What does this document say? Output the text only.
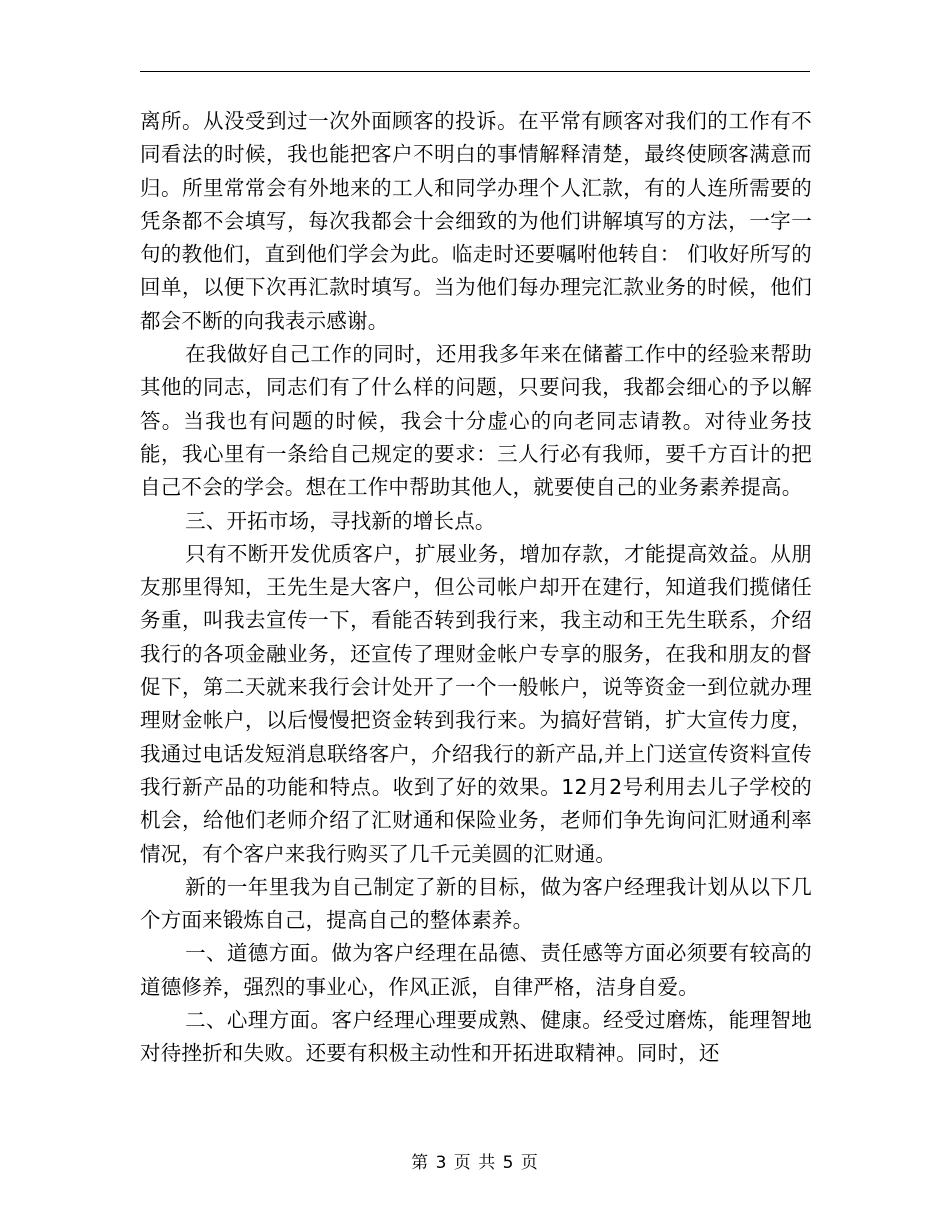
离所。从没受到过一次外面顾客的投诉。在平常有顾客对我们的工作有不同看法的时候，我也能把客户不明白的事情解释清楚，最终使顾客满意而归。所里常常会有外地来的工人和同学办理个人汇款，有的人连所需要的凭条都不会填写，每次我都会十会细致的为他们讲解填写的方法，一字一句的教他们，直到他们学会为此。临走时还要嘱咐他转自： 们收好所写的回单，以便下次再汇款时填写。当为他们每办理完汇款业务的时候，他们都会不断的向我表示感谢。

在我做好自己工作的同时，还用我多年来在储蓄工作中的经验来帮助其他的同志，同志们有了什么样的问题，只要问我，我都会细心的予以解答。当我也有问题的时候，我会十分虚心的向老同志请教。对待业务技能，我心里有一条给自己规定的要求：三人行必有我师，要千方百计的把自己不会的学会。想在工作中帮助其他人，就要使自己的业务素养提高。

三、开拓市场，寻找新的增长点。

只有不断开发优质客户，扩展业务，增加存款，才能提高效益。从朋友那里得知，王先生是大客户，但公司帐户却开在建行，知道我们揽储任务重，叫我去宣传一下，看能否转到我行来，我主动和王先生联系，介绍我行的各项金融业务，还宣传了理财金帐户专享的服务，在我和朋友的督促下，第二天就来我行会计处开了一个一般帐户，说等资金一到位就办理理财金帐户，以后慢慢把资金转到我行来。为搞好营销，扩大宣传力度，我通过电话发短消息联络客户，介绍我行的新产品,并上门送宣传资料宣传我行新产品的功能和特点。收到了好的效果。12月2号利用去儿子学校的机会，给他们老师介绍了汇财通和保险业务，老师们争先询问汇财通利率情况，有个客户来我行购买了几千元美圆的汇财通。

新的一年里我为自己制定了新的目标，做为客户经理我计划从以下几个方面来锻炼自己，提高自己的整体素养。

一、道德方面。做为客户经理在品德、责任感等方面必须要有较高的道德修养，强烈的事业心，作风正派，自律严格，洁身自爱。

二、心理方面。客户经理心理要成熟、健康。经受过磨炼，能理智地对待挫折和失败。还要有积极主动性和开拓进取精神。同时，还

第 3 页 共 5 页
